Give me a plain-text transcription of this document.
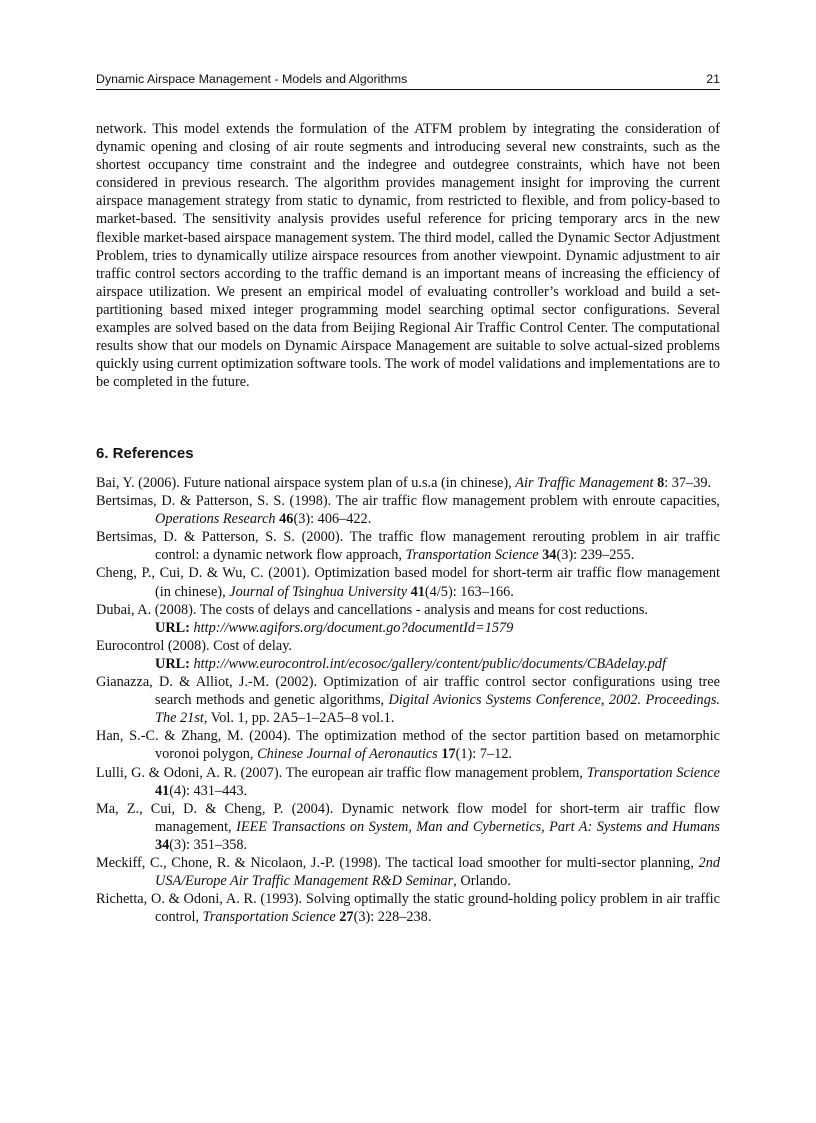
Dynamic Airspace Management - Models and Algorithms	21

network. This model extends the formulation of the ATFM problem by integrating the consideration of dynamic opening and closing of air route segments and introducing several new constraints, such as the shortest occupancy time constraint and the indegree and outdegree constraints, which have not been considered in previous research. The algorithm provides management insight for improving the current airspace management strategy from static to dynamic, from restricted to flexible, and from policy-based to market-based. The sensitivity analysis provides useful reference for pricing temporary arcs in the new flexible market-based airspace management system. The third model, called the Dynamic Sector Adjustment Problem, tries to dynamically utilize airspace resources from another viewpoint. Dynamic adjustment to air traffic control sectors according to the traffic demand is an important means of increasing the efficiency of airspace utilization. We present an empirical model of evaluating controller’s workload and build a set-partitioning based mixed integer programming model searching optimal sector configurations. Several examples are solved based on the data from Beijing Regional Air Traffic Control Center. The computational results show that our models on Dynamic Airspace Management are suitable to solve actual-sized problems quickly using current optimization software tools. The work of model validations and implementations are to be completed in the future.

6. References
Bai, Y. (2006). Future national airspace system plan of u.s.a (in chinese), Air Traffic Management 8: 37–39.
Bertsimas, D. & Patterson, S. S. (1998). The air traffic flow management problem with enroute capacities, Operations Research 46(3): 406–422.
Bertsimas, D. & Patterson, S. S. (2000). The traffic flow management rerouting problem in air traffic control: a dynamic network flow approach, Transportation Science 34(3): 239–255.
Cheng, P., Cui, D. & Wu, C. (2001). Optimization based model for short-term air traffic flow management (in chinese), Journal of Tsinghua University 41(4/5): 163–166.
Dubai, A. (2008). The costs of delays and cancellations - analysis and means for cost reductions.
URL: http://www.agifors.org/document.go?documentId=1579
Eurocontrol (2008). Cost of delay.
URL: http://www.eurocontrol.int/ecosoc/gallery/content/public/documents/CBAdelay.pdf
Gianazza, D. & Alliot, J.-M. (2002). Optimization of air traffic control sector configurations using tree search methods and genetic algorithms, Digital Avionics Systems Conference, 2002. Proceedings. The 21st, Vol. 1, pp. 2A5–1–2A5–8 vol.1.
Han, S.-C. & Zhang, M. (2004). The optimization method of the sector partition based on metamorphic voronoi polygon, Chinese Journal of Aeronautics 17(1): 7–12.
Lulli, G. & Odoni, A. R. (2007). The european air traffic flow management problem, Transportation Science 41(4): 431–443.
Ma, Z., Cui, D. & Cheng, P. (2004). Dynamic network flow model for short-term air traffic flow management, IEEE Transactions on System, Man and Cybernetics, Part A: Systems and Humans 34(3): 351–358.
Meckiff, C., Chone, R. & Nicolaon, J.-P. (1998). The tactical load smoother for multi-sector planning, 2nd USA/Europe Air Traffic Management R&D Seminar, Orlando.
Richetta, O. & Odoni, A. R. (1993). Solving optimally the static ground-holding policy problem in air traffic control, Transportation Science 27(3): 228–238.
